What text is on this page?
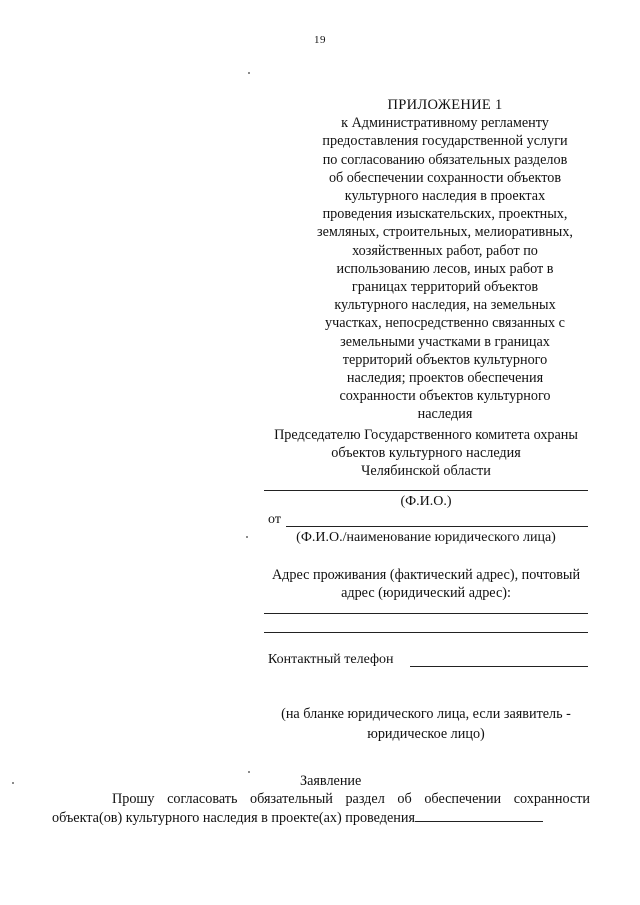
19
ПРИЛОЖЕНИЕ 1
к Административному регламенту
предоставления государственной услуги
по согласованию обязательных разделов
об обеспечении сохранности объектов
культурного наследия в проектах
проведения изыскательских, проектных,
земляных, строительных, мелиоративных,
хозяйственных работ, работ по
использованию лесов, иных работ в
границах территорий объектов
культурного наследия, на земельных
участках, непосредственно связанных с
земельными участками в границах
территорий объектов культурного
наследия; проектов обеспечения
сохранности объектов культурного
наследия
Председателю Государственного комитета охраны
объектов культурного наследия
Челябинской области
(Ф.И.О.)
от
(Ф.И.О./наименование юридического лица)
Адрес проживания (фактический адрес), почтовый
адрес (юридический адрес):
Контактный телефон
(на бланке юридического лица, если заявитель -
юридическое лицо)
Заявление
Прошу согласовать обязательный раздел об обеспечении сохранности
объекта(ов) культурного наследия в проекте(ах) проведения
